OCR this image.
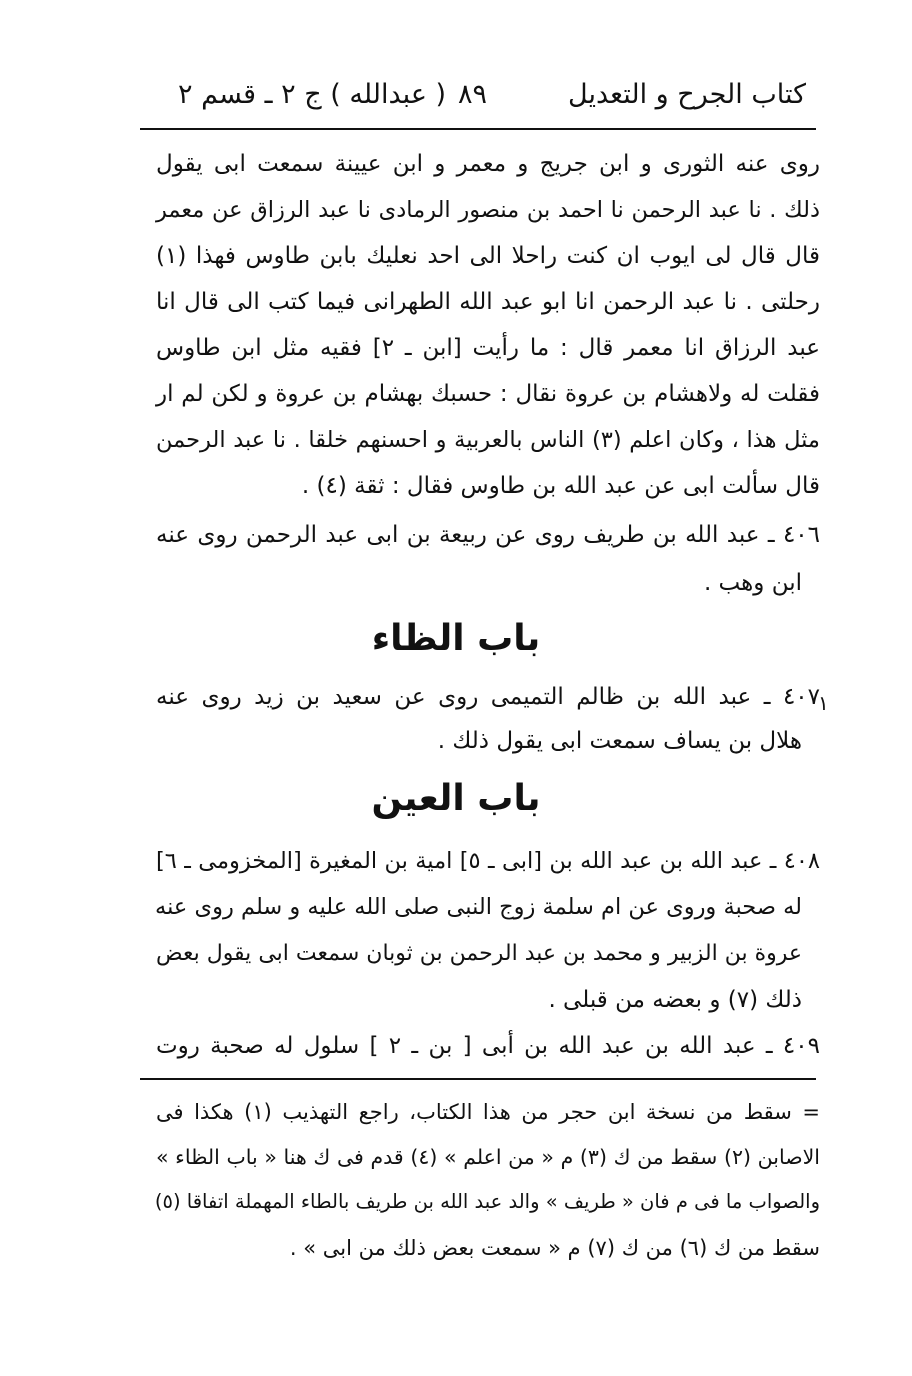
كتاب الجرح و التعديل
٨٩
( عبدالله ) ج ٢ ـ قسم ٢
روى عنه الثورى و ابن جريج و معمر و ابن عيينة سمعت ابى يقول
ذلك . نا عبد الرحمن نا احمد بن منصور الرمادى نا عبد الرزاق عن معمر
قال قال لى ايوب ان كنت راحلا الى احد نعليك بابن طاوس فهذا (١)
رحلتى . نا عبد الرحمن انا ابو عبد الله الطهرانى فيما كتب الى قال انا
عبد الرزاق انا معمر قال : ما رأيت [ابن ـ ٢] فقيه مثل ابن طاوس
فقلت له ولاهشام بن عروة نقال : حسبك بهشام بن عروة و لكن لم ار
مثل هذا ، وكان اعلم (٣) الناس بالعربية و احسنهم خلقا . نا عبد الرحمن
قال سألت ابى عن عبد الله بن طاوس فقال : ثقة (٤) .
٤٠٦ ـ عبد الله بن طريف روى عن ربيعة بن ابى عبد الرحمن روى عنه
ابن وهب .
باب الظاء
١
٤٠٧ ـ عبد الله بن ظالم التميمى روى عن سعيد بن زيد روى عنه
هلال بن يساف سمعت ابى يقول ذلك .
باب العين
٤٠٨ ـ عبد الله بن عبد الله بن [ابى ـ ٥] امية بن المغيرة [المخزومى ـ ٦]
له صحبة وروى عن ام سلمة زوج النبى صلى الله عليه و سلم روى عنه
عروة بن الزبير و محمد بن عبد الرحمن بن ثوبان سمعت ابى يقول بعض
ذلك (٧) و بعضه من قبلى .
٤٠٩ ـ عبد الله بن عبد الله بن أبى [ بن ـ ٢ ] سلول له صحبة روت
= سقط من نسخة ابن حجر من هذا الكتاب، راجع التهذيب (١) هكذا فى
الاصابن (٢) سقط من ك (٣) م « من اعلم » (٤) قدم فى ك هنا « باب الظاء »
والصواب ما فى م فان « طريف » والد عبد الله بن طريف بالطاء المهملة اتفاقا (٥)
سقط من ك (٦) من ك (٧) م « سمعت بعض ذلك من ابى » .
